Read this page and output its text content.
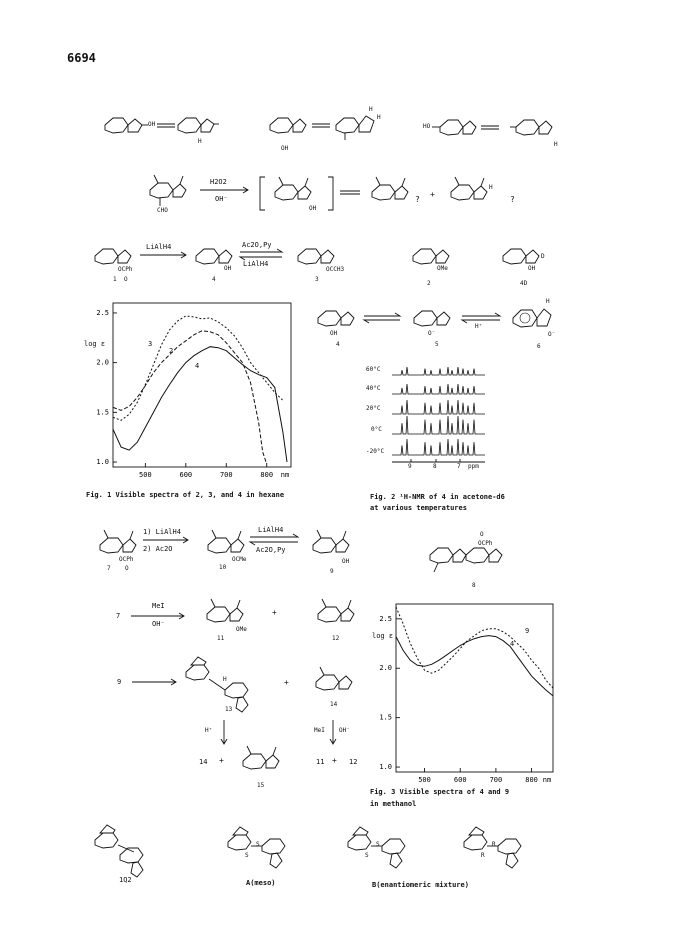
6694
OH
H
OH
H
H
HO
H
H2O2
OH⁻
CHO	OH
H
?
+
?
LiAlH4	Ac2O,Py
LiAlH4
OCPh
O
1
OH
4
OCCH3
3
OMe
2
D
OH
4D
1.0
1.5
2.0
2.5
500	600	700	800 nm
log ε	3
2
4
Fig. 1 Visible spectra of 2, 3, and 4 in hexane
OH
4
O⁻
5
H⁺
H
O⁻
6
60°C
40°C
20°C
0°C
-20°C
9	8	7 ppm
Fig. 2 ¹H-NMR of 4 in acetone-d6
at various temperatures
1) LiAlH4
2) Ac2O
LiAlH4
Ac2O,Py
7
OCPh
O	10
OCMe	OH
9
O
OCPh
8
7
MeI
OH⁻
OMe
11
+
12
9	H
13
+
14
H⁺	MeI OH⁻
14 +
15
11 + 12
1.0
1.5
2.0
2.5
500	600	700	800 nm
log ε
9
4
Fig. 3 Visible spectra of 4 and 9
in methanol
S
S
S
S
R
R
1Q2	A(meso)	B(enantiomeric mixture)
